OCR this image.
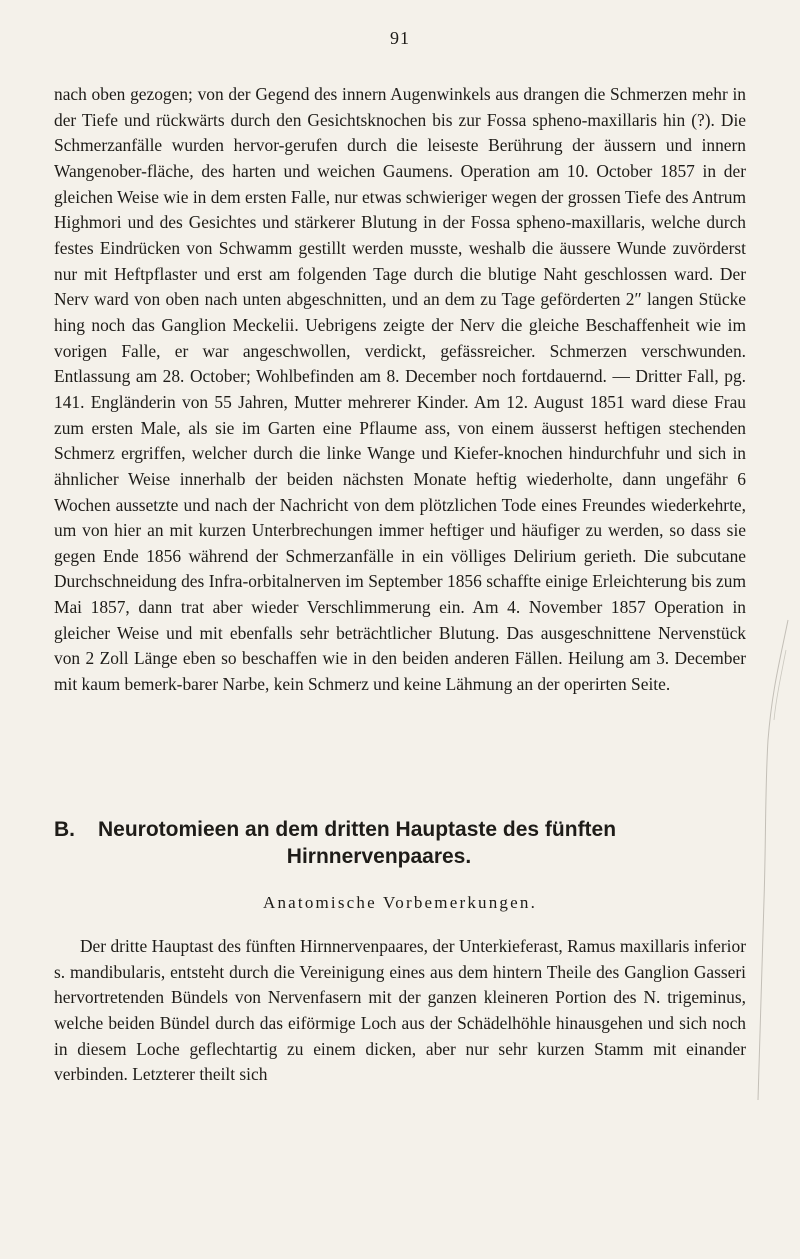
91
nach oben gezogen; von der Gegend des innern Augenwinkels aus drangen die Schmerzen mehr in der Tiefe und rückwärts durch den Gesichtsknochen bis zur Fossa spheno-maxillaris hin (?). Die Schmerzanfälle wurden hervor-gerufen durch die leiseste Berührung der äussern und innern Wangenober-fläche, des harten und weichen Gaumens. Operation am 10. October 1857 in der gleichen Weise wie in dem ersten Falle, nur etwas schwieriger wegen der grossen Tiefe des Antrum Highmori und des Gesichtes und stärkerer Blutung in der Fossa spheno-maxillaris, welche durch festes Eindrücken von Schwamm gestillt werden musste, weshalb die äussere Wunde zuvörderst nur mit Heftpflaster und erst am folgenden Tage durch die blutige Naht geschlossen ward. Der Nerv ward von oben nach unten abgeschnitten, und an dem zu Tage geförderten 2″ langen Stücke hing noch das Ganglion Meckelii. Uebrigens zeigte der Nerv die gleiche Beschaffenheit wie im vorigen Falle, er war angeschwollen, verdickt, gefässreicher. Schmerzen verschwunden. Entlassung am 28. October; Wohlbefinden am 8. December noch fortdauernd. — Dritter Fall, pg. 141. Engländerin von 55 Jahren, Mutter mehrerer Kinder. Am 12. August 1851 ward diese Frau zum ersten Male, als sie im Garten eine Pflaume ass, von einem äusserst heftigen stechenden Schmerz ergriffen, welcher durch die linke Wange und Kiefer-knochen hindurchfuhr und sich in ähnlicher Weise innerhalb der beiden nächsten Monate heftig wiederholte, dann ungefähr 6 Wochen aussetzte und nach der Nachricht von dem plötzlichen Tode eines Freundes wiederkehrte, um von hier an mit kurzen Unterbrechungen immer heftiger und häufiger zu werden, so dass sie gegen Ende 1856 während der Schmerzanfälle in ein völliges Delirium gerieth. Die subcutane Durchschneidung des Infra-orbitalnerven im September 1856 schaffte einige Erleichterung bis zum Mai 1857, dann trat aber wieder Verschlimmerung ein. Am 4. November 1857 Operation in gleicher Weise und mit ebenfalls sehr beträchtlicher Blutung. Das ausgeschnittene Nervenstück von 2 Zoll Länge eben so beschaffen wie in den beiden anderen Fällen. Heilung am 3. December mit kaum bemerk-barer Narbe, kein Schmerz und keine Lähmung an der operirten Seite.
B. Neurotomieen an dem dritten Hauptaste des fünften
Hirnnervenpaares.
Anatomische Vorbemerkungen.
Der dritte Hauptast des fünften Hirnnervenpaares, der Unterkieferast, Ramus maxillaris inferior s. mandibularis, entsteht durch die Vereinigung eines aus dem hintern Theile des Ganglion Gasseri hervortretenden Bündels von Nervenfasern mit der ganzen kleineren Portion des N. trigeminus, welche beiden Bündel durch das eiförmige Loch aus der Schädelhöhle hinausgehen und sich noch in diesem Loche geflechtartig zu einem dicken, aber nur sehr kurzen Stamm mit einander verbinden. Letzterer theilt sich
